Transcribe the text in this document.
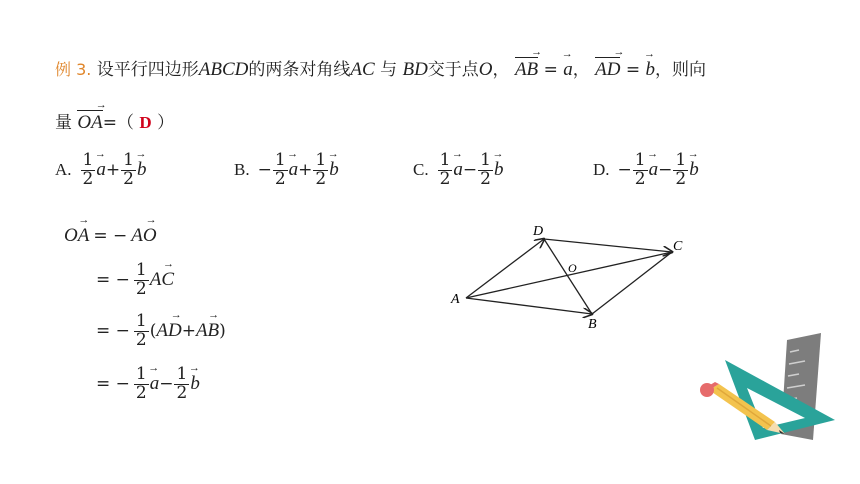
例 3. 设平行四边形ABCD的两条对角线AC 与 BD交于点O， AB
→
= a
→
， AD
→
= b
→
，则向
量 OA
→
=（ D ）
A. $\frac{1}{2}$ a
→
+ $\frac{1}{2}$ b
→
B. − $\frac{1}{2}$ a
→
+ $\frac{1}{2}$ b
→
C. $\frac{1}{2}$ a
→
− $\frac{1}{2}$ b
→
D. − $\frac{1}{2}$ a
→
− $\frac{1}{2}$ b
→
OA
→
= − AO
→
= − $\frac{1}{2}$ AC
→
= − $\frac{1}{2}$ ( AD
→
+ AB
→
)
= − $\frac{1}{2}$ a
→
− $\frac{1}{2}$ b
→
A
B
C
D
O
